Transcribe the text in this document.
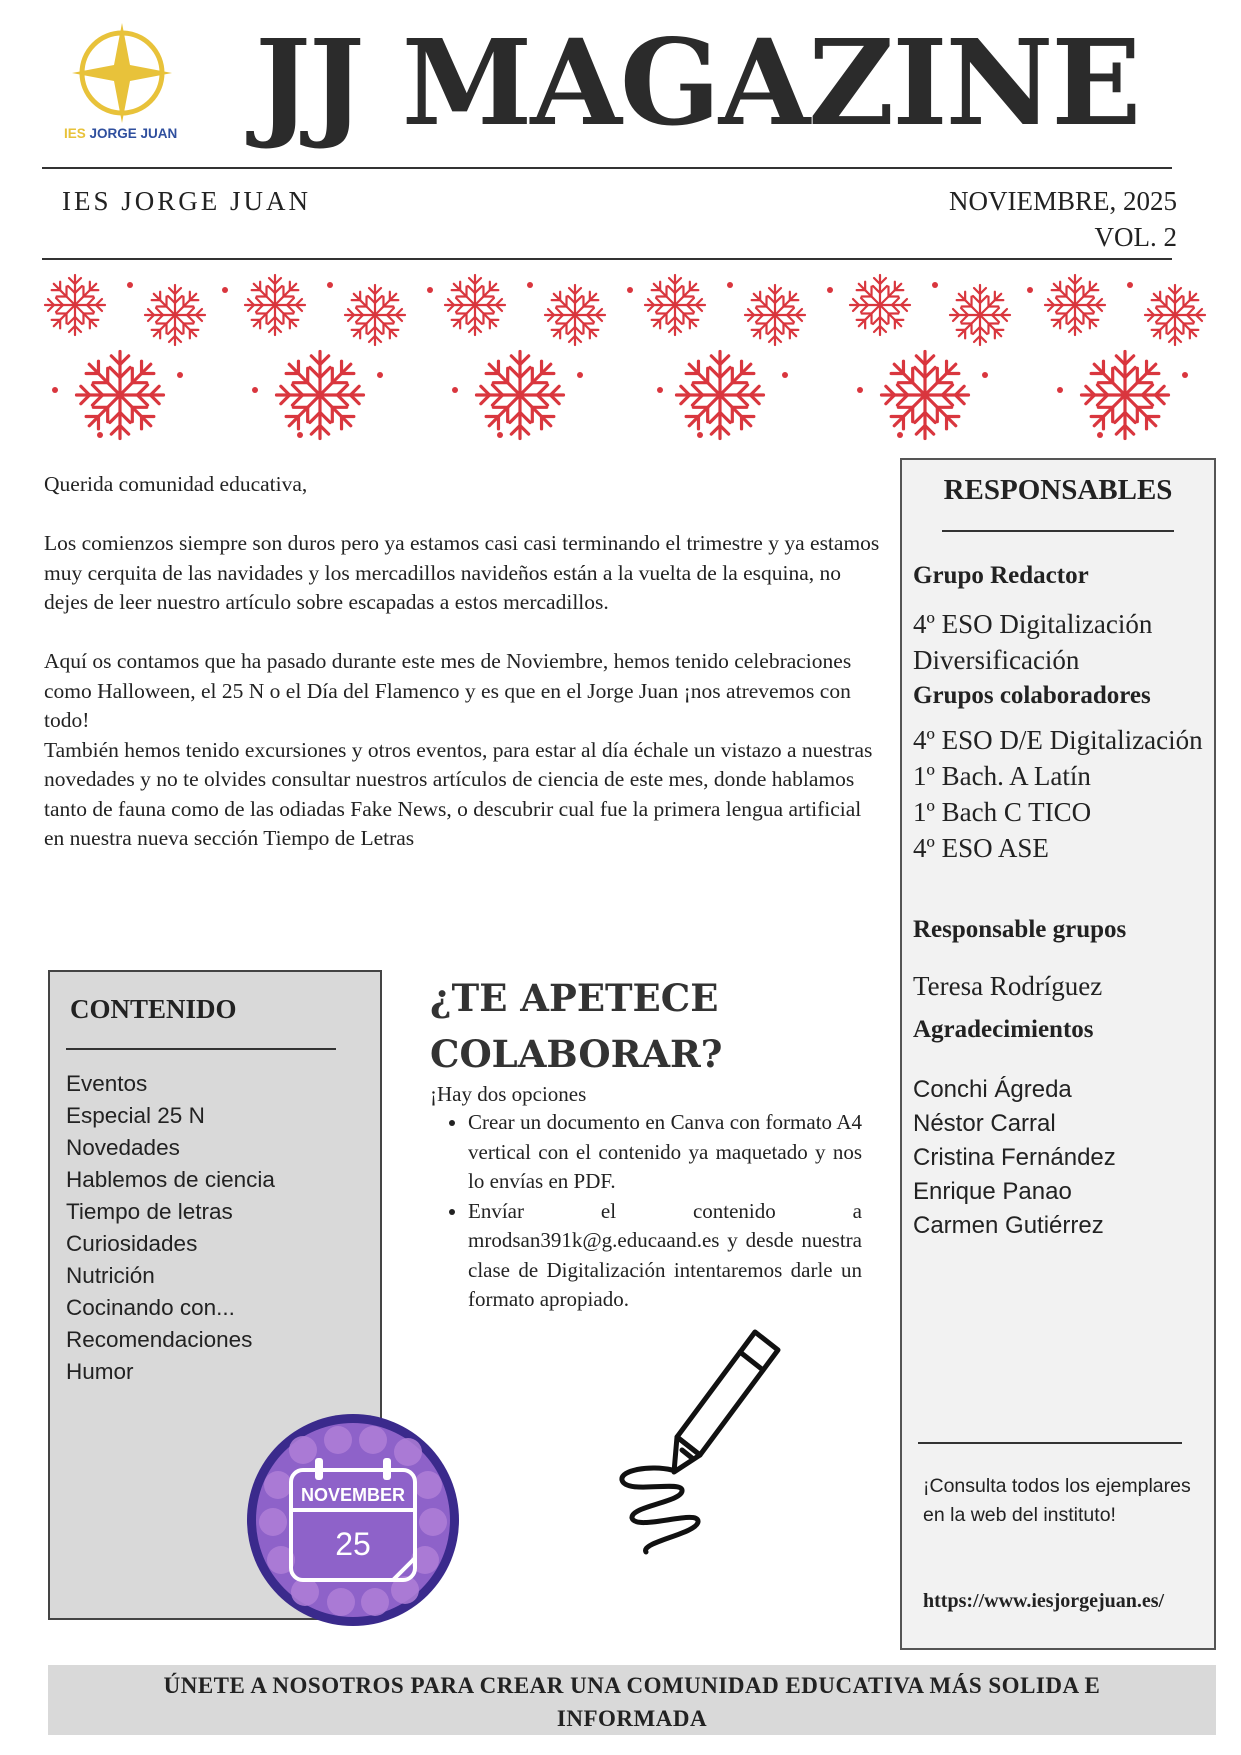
IES JORGE JUAN JJ MAGAZINE
IES JORGE JUAN	NOVIEMBRE, 2025
VOL. 2

Querida comunidad educativa,

Los comienzos siempre son duros pero ya estamos casi casi terminando el trimestre y ya estamos muy cerquita de las navidades y los mercadillos navideños están a la vuelta de la esquina, no dejes de leer nuestro artículo sobre escapadas a estos mercadillos.

Aquí os contamos que ha pasado durante este mes de Noviembre, hemos tenido celebraciones como Halloween, el 25 N o el Día del Flamenco y es que en el Jorge Juan ¡nos atrevemos con todo!

También hemos tenido excursiones y otros eventos, para estar al día échale un vistazo a nuestras novedades y no te olvides consultar nuestros artículos de ciencia de este mes, donde hablamos tanto de fauna como de las odiadas Fake News, o descubrir cual fue la primera lengua artificial en nuestra nueva sección Tiempo de Letras

RESPONSABLES
Grupo Redactor
4º ESO Digitalización
Diversificación
Grupos colaboradores
4º ESO D/E Digitalización
1º Bach. A Latín
1º Bach C TICO
4º ESO ASE
Responsable grupos
Teresa Rodríguez
Agradecimientos
Conchi Ágreda
Néstor Carral
Cristina Fernández
Enrique Panao
Carmen Gutiérrez
¡Consulta todos los ejemplares en la web del instituto!
https://www.iesjorgejuan.es/
CONTENIDO
Eventos
Especial 25 N
Novedades
Hablemos de ciencia
Tiempo de letras
Curiosidades
Nutrición
Cocinando con...
Recomendaciones
Humor
NOVEMBER
25
¿TE APETECE
COLABORAR?
¡Hay dos opciones
• Crear un documento en Canva con formato A4 vertical con el contenido ya maquetado y nos lo envías en PDF.
• Envíar el contenido a mrodsan391k@g.educaand.es y desde nuestra clase de Digitalización intentaremos darle un formato apropiado.
ÚNETE A NOSOTROS PARA CREAR UNA COMUNIDAD EDUCATIVA MÁS SOLIDA E
INFORMADA
